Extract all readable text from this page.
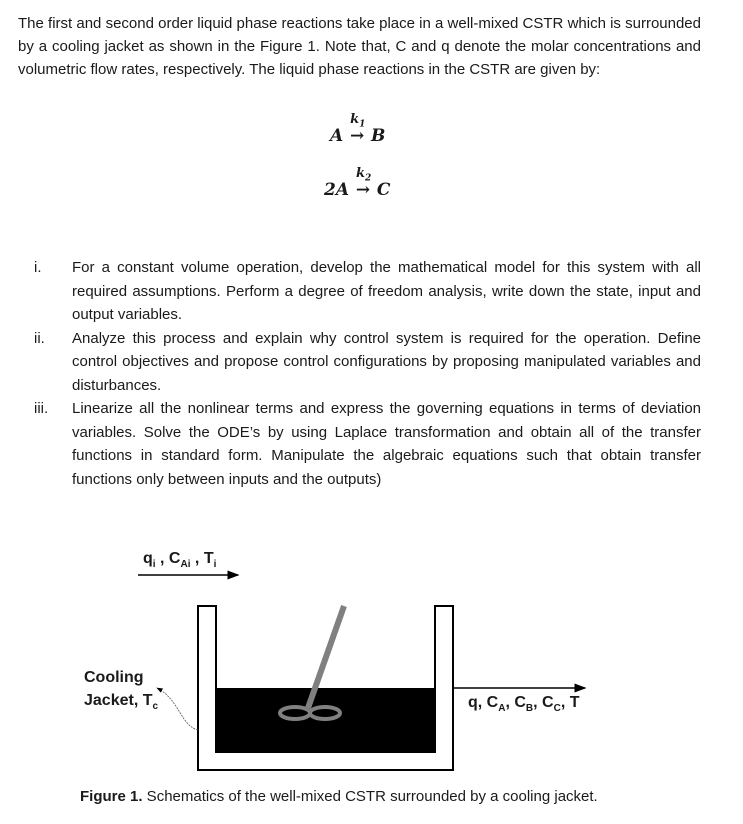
The first and second order liquid phase reactions take place in a well-mixed CSTR which is surrounded by a cooling jacket as shown in the Figure 1. Note that, C and q denote the molar concentrations and volumetric flow rates, respectively. The liquid phase reactions in the CSTR are given by:
A
$k_1$
→ B
2A
$k_2$
→ C
i. For a constant volume operation, develop the mathematical model for this system with all required assumptions. Perform a degree of freedom analysis, write down the state, input and output variables.
ii. Analyze this process and explain why control system is required for the operation. Define control objectives and propose control configurations by proposing manipulated variables and disturbances.
iii. Linearize all the nonlinear terms and express the governing equations in terms of deviation variables. Solve the ODE’s by using Laplace transformation and obtain all of the transfer functions in standard form. Manipulate the algebraic equations such that obtain transfer functions only between inputs and the outputs)
$q_i$ , $C_{Ai}$ , $T_i$
Cooling
Jacket, $T_c$	q, $C_A$, $C_B$, $C_C$, T
Figure 1. Schematics of the well-mixed CSTR surrounded by a cooling jacket.
